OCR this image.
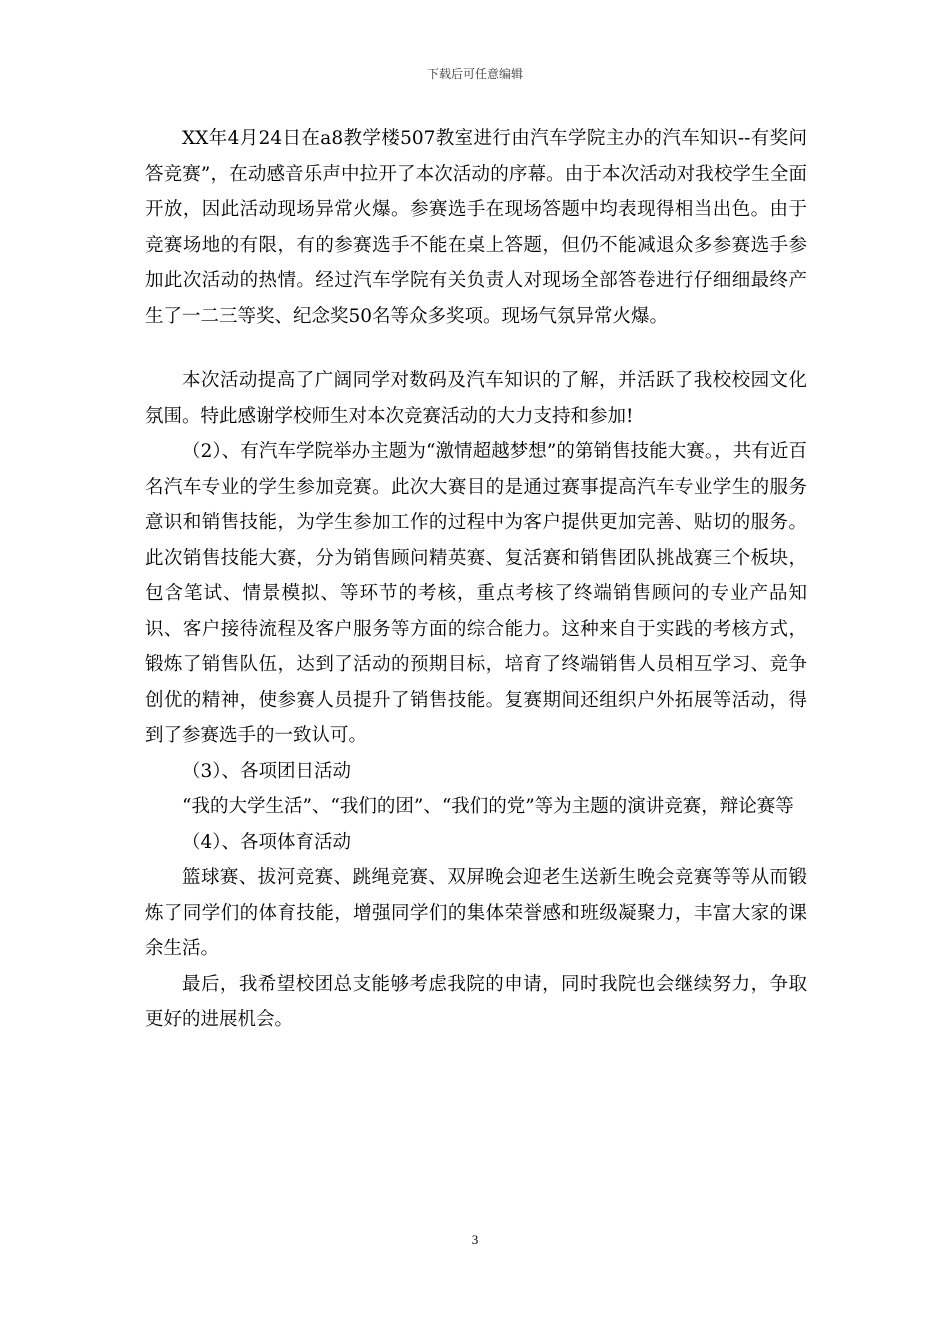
下载后可任意编辑

XX年4月24日在a8教学楼507教室进行由汽车学院主办的汽车知识--有奖问答竞赛”，在动感音乐声中拉开了本次活动的序幕。由于本次活动对我校学生全面开放，因此活动现场异常火爆。参赛选手在现场答题中均表现得相当出色。由于竞赛场地的有限，有的参赛选手不能在桌上答题，但仍不能减退众多参赛选手参加此次活动的热情。经过汽车学院有关负责人对现场全部答卷进行仔细细最终产生了一二三等奖、纪念奖50名等众多奖项。现场气氛异常火爆。

本次活动提高了广阔同学对数码及汽车知识的了解，并活跃了我校校园文化氛围。特此感谢学校师生对本次竞赛活动的大力支持和参加!

（2）、有汽车学院举办主题为“激情超越梦想”的第销售技能大赛。，共有近百名汽车专业的学生参加竞赛。此次大赛目的是通过赛事提高汽车专业学生的服务意识和销售技能，为学生参加工作的过程中为客户提供更加完善、贴切的服务。此次销售技能大赛，分为销售顾问精英赛、复活赛和销售团队挑战赛三个板块，包含笔试、情景模拟、等环节的考核，重点考核了终端销售顾问的专业产品知识、客户接待流程及客户服务等方面的综合能力。这种来自于实践的考核方式，锻炼了销售队伍，达到了活动的预期目标，培育了终端销售人员相互学习、竞争创优的精神，使参赛人员提升了销售技能。复赛期间还组织户外拓展等活动，得到了参赛选手的一致认可。

（3）、各项团日活动

“我的大学生活”、“我们的团”、“我们的党”等为主题的演讲竞赛，辩论赛等

（4）、各项体育活动

篮球赛、拔河竞赛、跳绳竞赛、双屏晚会迎老生送新生晚会竞赛等等从而锻炼了同学们的体育技能，增强同学们的集体荣誉感和班级凝聚力，丰富大家的课余生活。

最后，我希望校团总支能够考虑我院的申请，同时我院也会继续努力，争取更好的进展机会。

3
